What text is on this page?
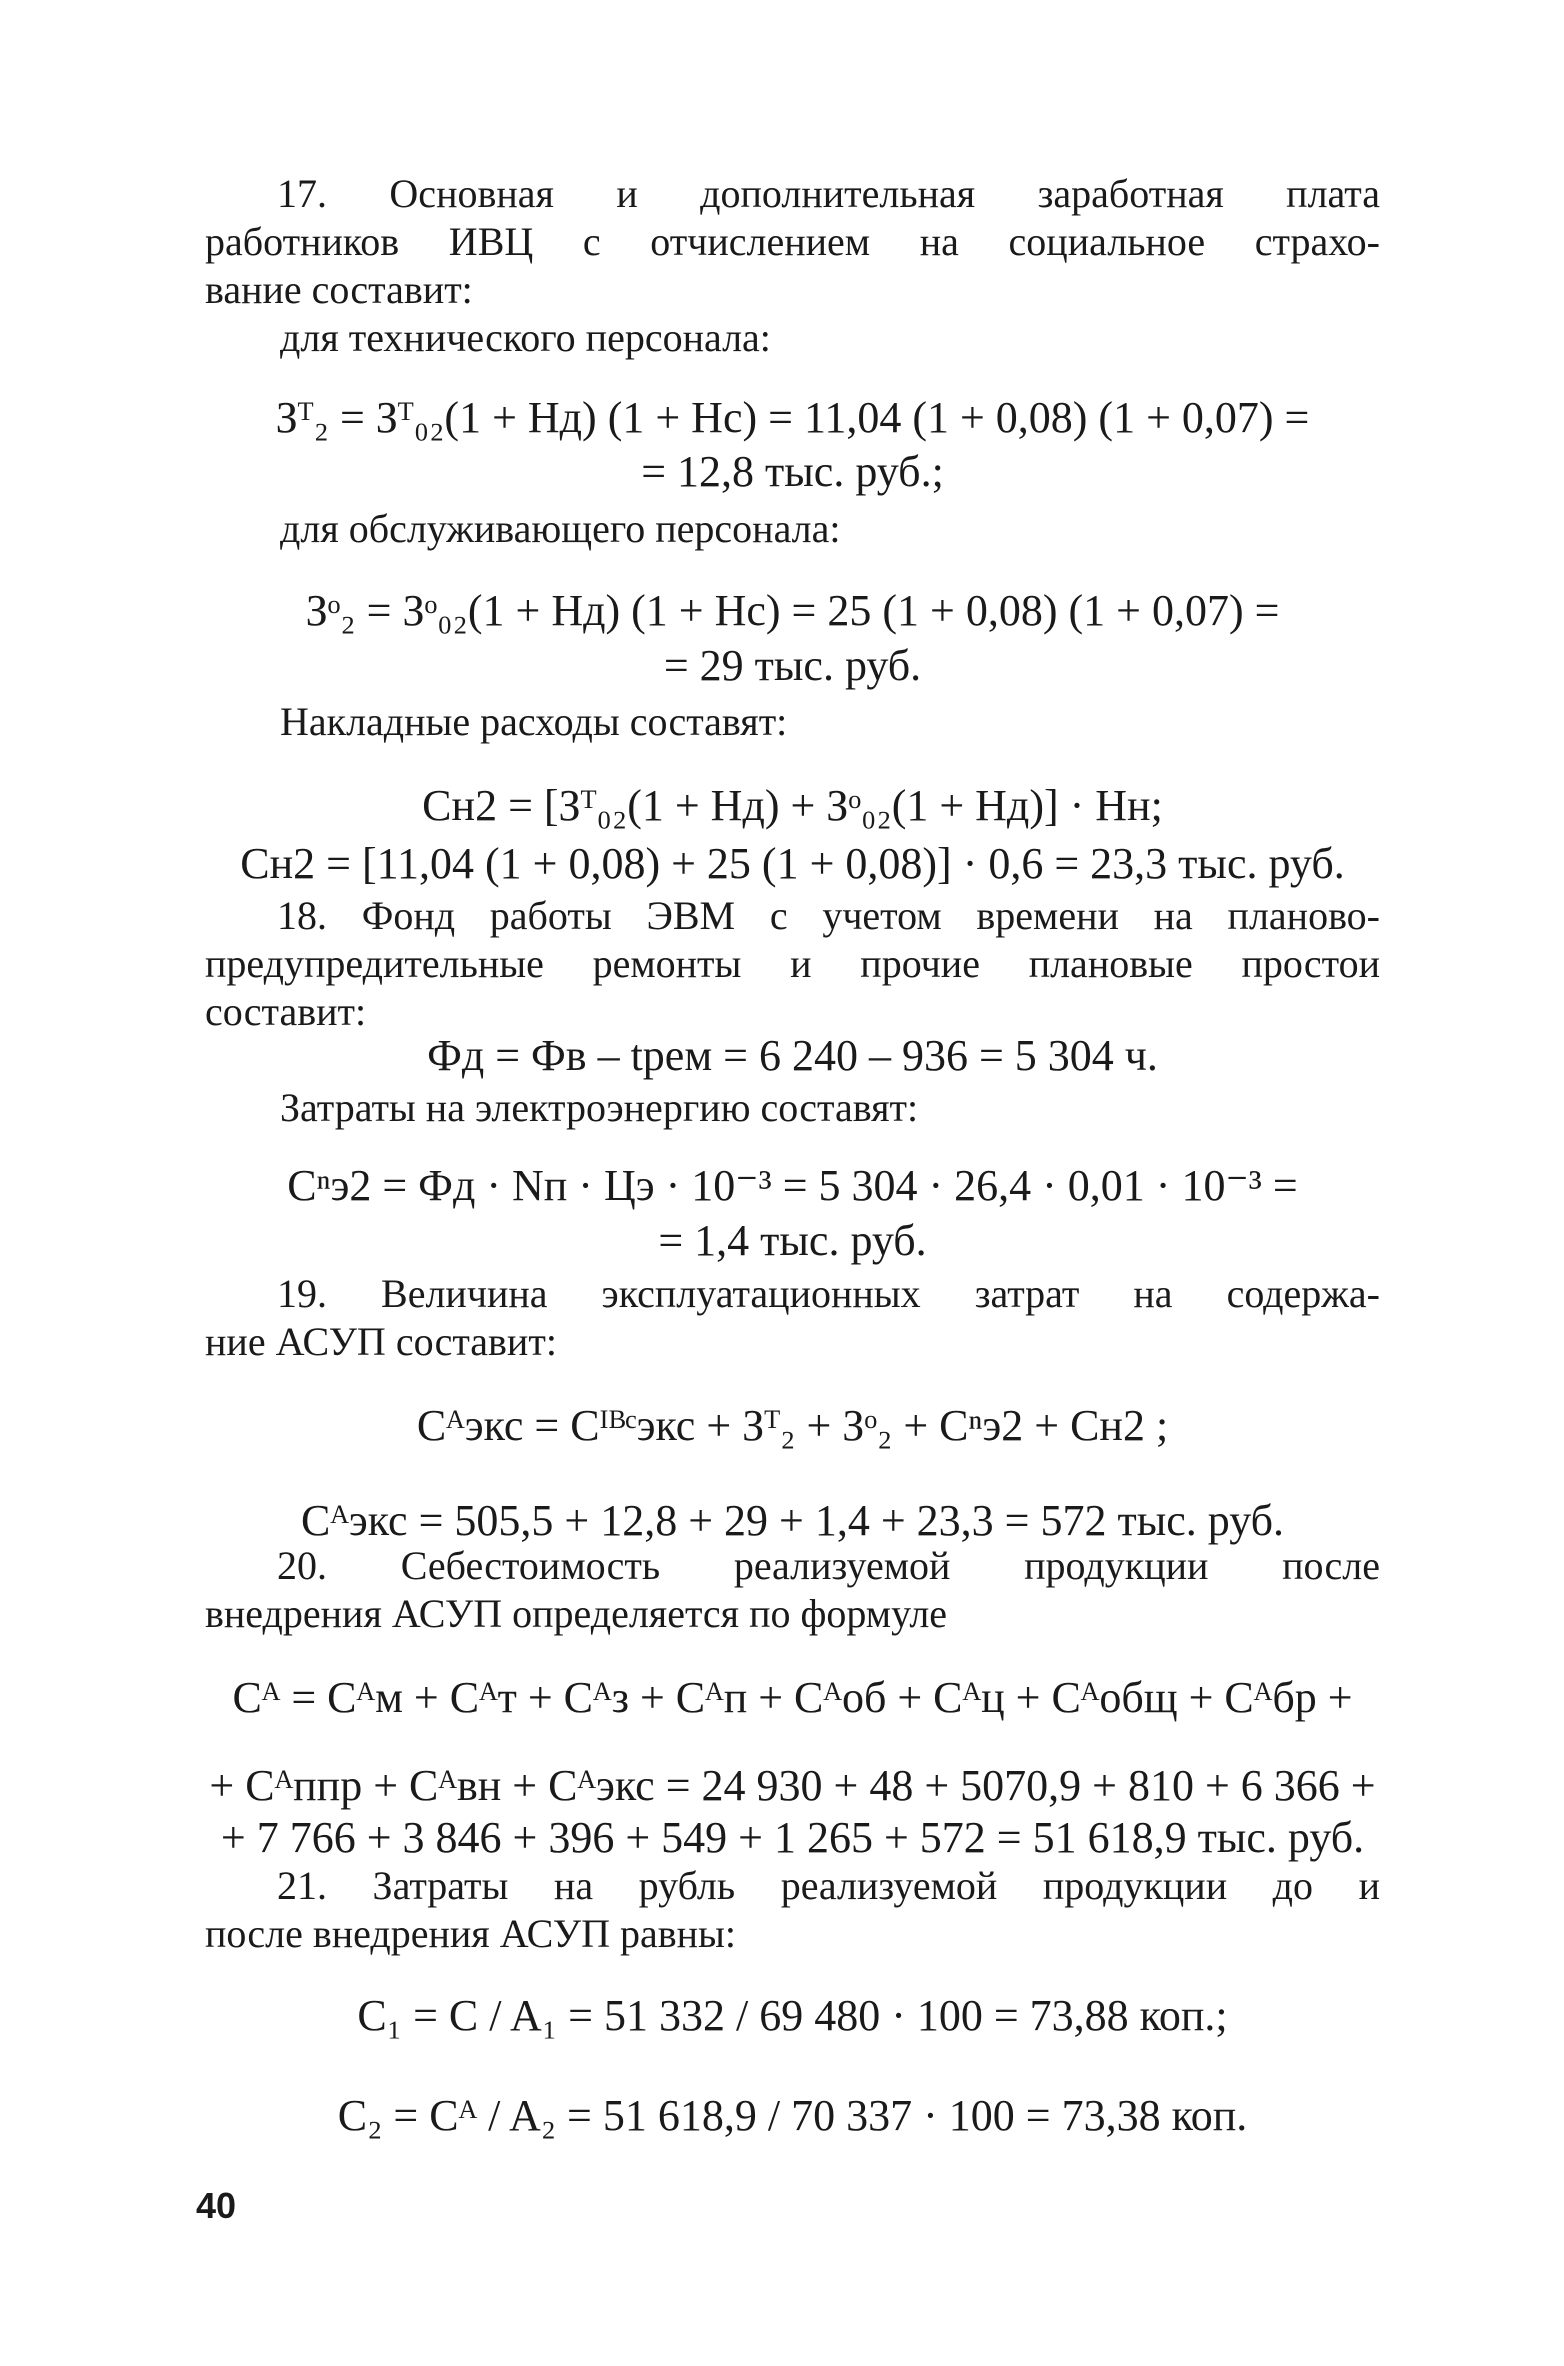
17. Основная и дополнительная заработная плата
работников ИВЦ с отчислением на социальное страхо-
вание составит:
для технического персонала:
Зᵀ₂ = Зᵀ₀₂(1 + Нд) (1 + Нс) = 11,04 (1 + 0,08) (1 + 0,07) =
= 12,8 тыс. руб.;
для обслуживающего персонала:
Зᵒ₂ = Зᵒ₀₂(1 + Нд) (1 + Нс) = 25 (1 + 0,08) (1 + 0,07) =
= 29 тыс. руб.
Накладные расходы составят:
Сн2 = [Зᵀ₀₂(1 + Нд) + Зᵒ₀₂(1 + Нд)] · Нн;
Сн2 = [11,04 (1 + 0,08) + 25 (1 + 0,08)] · 0,6 = 23,3 тыс. руб.
18. Фонд работы ЭВМ с учетом времени на планово-
предупредительные ремонты и прочие плановые простои
составит:
Фд = Фв – tрем = 6 240 – 936 = 5 304 ч.
Затраты на электроэнергию составят:
Cⁿэ2 = Фд · Nп · Цэ · 10⁻³ = 5 304 · 26,4 · 0,01 · 10⁻³ =
= 1,4 тыс. руб.
19. Величина эксплуатационных затрат на содержа-
ние АСУП составит:
Cᴬэкс = Cᴵᴮᶜэкс + Зᵀ₂ + Зᵒ₂ + Cⁿэ2 + Сн2 ;
Cᴬэкс = 505,5 + 12,8 + 29 + 1,4 + 23,3 = 572 тыс. руб.
20. Себестоимость реализуемой продукции после
внедрения АСУП определяется по формуле
Cᴬ = Cᴬм + Cᴬт + Cᴬз + Cᴬп + Cᴬоб + Cᴬц + Cᴬобщ + Cᴬбр +
+ Cᴬппр + Cᴬвн + Cᴬэкс = 24 930 + 48 + 5070,9 + 810 + 6 366 +
+ 7 766 + 3 846 + 396 + 549 + 1 265 + 572 = 51 618,9 тыс. руб.
21. Затраты на рубль реализуемой продукции до и
после внедрения АСУП равны:
C₁ = C / A₁ = 51 332 / 69 480 · 100 = 73,88 коп.;
C₂ = Cᴬ / A₂ = 51 618,9 / 70 337 · 100 = 73,38 коп.
40
